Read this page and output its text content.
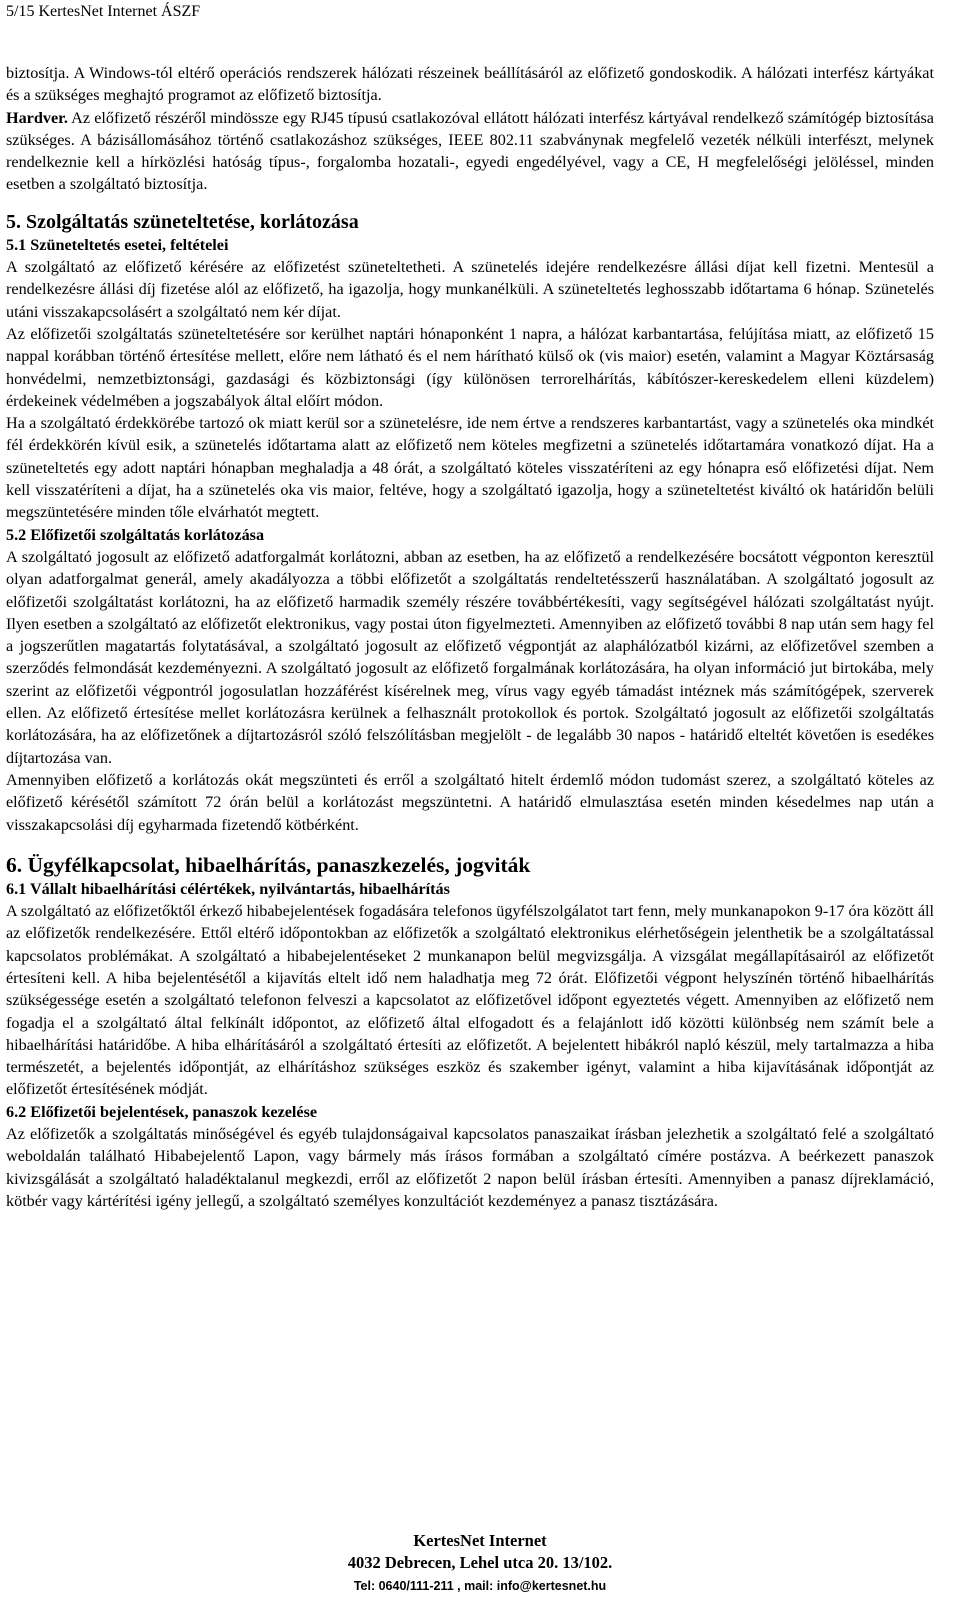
5/15 KertesNet Internet ÁSZF

biztosítja. A Windows-tól eltérő operációs rendszerek hálózati részeinek beállításáról az előfizető gondoskodik. A hálózati interfész kártyákat és a szükséges meghajtó programot az előfizető biztosítja.

Hardver. Az előfizető részéről mindössze egy RJ45 típusú csatlakozóval ellátott hálózati interfész kártyával rendelkező számítógép biztosítása szükséges. A bázisállomásához történő csatlakozáshoz szükséges, IEEE 802.11 szabványnak megfelelő vezeték nélküli interfészt, melynek rendelkeznie kell a hírközlési hatóság típus-, forgalomba hozatali-, egyedi engedélyével, vagy a CE, H megfelelőségi jelöléssel, minden esetben a szolgáltató biztosítja.

5. Szolgáltatás szüneteltetése, korlátozása
5.1 Szüneteltetés esetei, feltételei

A szolgáltató az előfizető kérésére az előfizetést szüneteltetheti. A szünetelés idejére rendelkezésre állási díjat kell fizetni. Mentesül a rendelkezésre állási díj fizetése alól az előfizető, ha igazolja, hogy munkanélküli. A szüneteltetés leghosszabb időtartama 6 hónap. Szünetelés utáni visszakapcsolásért a szolgáltató nem kér díjat.

Az előfizetői szolgáltatás szüneteltetésére sor kerülhet naptári hónaponként 1 napra, a hálózat karbantartása, felújítása miatt, az előfizető 15 nappal korábban történő értesítése mellett, előre nem látható és el nem hárítható külső ok (vis maior) esetén, valamint a Magyar Köztársaság honvédelmi, nemzetbiztonsági, gazdasági és közbiztonsági (így különösen terrorelhárítás, kábítószer-kereskedelem elleni küzdelem) érdekeinek védelmében a jogszabályok által előírt módon.

Ha a szolgáltató érdekkörébe tartozó ok miatt kerül sor a szünetelésre, ide nem értve a rendszeres karbantartást, vagy a szünetelés oka mindkét fél érdekkörén kívül esik, a szünetelés időtartama alatt az előfizető nem köteles megfizetni a szünetelés időtartamára vonatkozó díjat. Ha a szüneteltetés egy adott naptári hónapban meghaladja a 48 órát, a szolgáltató köteles visszatéríteni az egy hónapra eső előfizetési díjat. Nem kell visszatéríteni a díjat, ha a szünetelés oka vis maior, feltéve, hogy a szolgáltató igazolja, hogy a szüneteltetést kiváltó ok határidőn belüli megszüntetésére minden tőle elvárhatót megtett.

5.2 Előfizetői szolgáltatás korlátozása

A szolgáltató jogosult az előfizető adatforgalmát korlátozni, abban az esetben, ha az előfizető a rendelkezésére bocsátott végponton keresztül olyan adatforgalmat generál, amely akadályozza a többi előfizetőt a szolgáltatás rendeltetésszerű használatában. A szolgáltató jogosult az előfizetői szolgáltatást korlátozni, ha az előfizető harmadik személy részére továbbértékesíti, vagy segítségével hálózati szolgáltatást nyújt. Ilyen esetben a szolgáltató az előfizetőt elektronikus, vagy postai úton figyelmezteti. Amennyiben az előfizető további 8 nap után sem hagy fel a jogszerűtlen magatartás folytatásával, a szolgáltató jogosult az előfizető végpontját az alaphálózatból kizárni, az előfizetővel szemben a szerződés felmondását kezdeményezni. A szolgáltató jogosult az előfizető forgalmának korlátozására, ha olyan információ jut birtokába, mely szerint az előfizetői végpontról jogosulatlan hozzáférést kísérelnek meg, vírus vagy egyéb támadást intéznek más számítógépek, szerverek ellen. Az előfizető értesítése mellet korlátozásra kerülnek a felhasznált protokollok és portok. Szolgáltató jogosult az előfizetői szolgáltatás korlátozására, ha az előfizetőnek a díjtartozásról szóló felszólításban megjelölt - de legalább 30 napos - határidő elteltét követően is esedékes díjtartozása van.

Amennyiben előfizető a korlátozás okát megszünteti és erről a szolgáltató hitelt érdemlő módon tudomást szerez, a szolgáltató köteles az előfizető kérésétől számított 72 órán belül a korlátozást megszüntetni. A határidő elmulasztása esetén minden késedelmes nap után a visszakapcsolási díj egyharmada fizetendő kötbérként.

6. Ügyfélkapcsolat, hibaelhárítás, panaszkezelés, jogviták
6.1 Vállalt hibaelhárítási célértékek, nyilvántartás, hibaelhárítás

A szolgáltató az előfizetőktől érkező hibabejelentések fogadására telefonos ügyfélszolgálatot tart fenn, mely munkanapokon 9-17 óra között áll az előfizetők rendelkezésére. Ettől eltérő időpontokban az előfizetők a szolgáltató elektronikus elérhetőségein jelenthetik be a szolgáltatással kapcsolatos problémákat. A szolgáltató a hibabejelentéseket 2 munkanapon belül megvizsgálja. A vizsgálat megállapításairól az előfizetőt értesíteni kell. A hiba bejelentésétől a kijavítás eltelt idő nem haladhatja meg 72 órát. Előfizetői végpont helyszínén történő hibaelhárítás szükségessége esetén a szolgáltató telefonon felveszi a kapcsolatot az előfizetővel időpont egyeztetés végett. Amennyiben az előfizető nem fogadja el a szolgáltató által felkínált időpontot, az előfizető által elfogadott és a felajánlott idő közötti különbség nem számít bele a hibaelhárítási határidőbe. A hiba elhárításáról a szolgáltató értesíti az előfizetőt. A bejelentett hibákról napló készül, mely tartalmazza a hiba természetét, a bejelentés időpontját, az elhárításhoz szükséges eszköz és szakember igényt, valamint a hiba kijavításának időpontját az előfizetőt értesítésének módját.

6.2 Előfizetői bejelentések, panaszok kezelése

Az előfizetők a szolgáltatás minőségével és egyéb tulajdonságaival kapcsolatos panaszaikat írásban jelezhetik a szolgáltató felé a szolgáltató weboldalán található Hibabejelentő Lapon, vagy bármely más írásos formában a szolgáltató címére postázva. A beérkezett panaszok kivizsgálását a szolgáltató haladéktalanul megkezdi, erről az előfizetőt 2 napon belül írásban értesíti. Amennyiben a panasz díjreklamáció, kötbér vagy kártérítési igény jellegű, a szolgáltató személyes konzultációt kezdeményez a panasz tisztázására.

KertesNet Internet
4032 Debrecen, Lehel utca 20. 13/102.
Tel: 0640/111-211 , mail: info@kertesnet.hu
